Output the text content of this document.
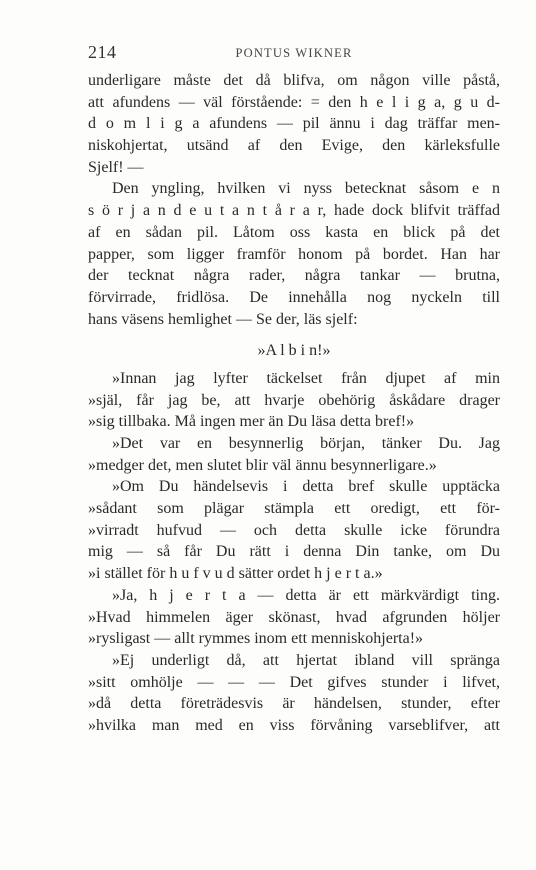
214	PONTUS WIKNER
underligare måste det då blifva, om någon ville påstå,
att afundens — väl förstående: = den h e l i g a, g u d-
d o m l i g a afundens — pil ännu i dag träffar men-
niskohjertat, utsänd af den Evige, den kärleksfulle
Sjelf! —
Den yngling, hvilken vi nyss betecknat såsom e n
s ö r j a n d e u t a n t å r a r, hade dock blifvit träffad
af en sådan pil. Låtom oss kasta en blick på det
papper, som ligger framför honom på bordet. Han har
der tecknat några rader, några tankar — brutna,
förvirrade, fridlösa. De innehålla nog nyckeln till
hans väsens hemlighet — Se der, läs sjelf:
»A l b i n!»
»Innan jag lyfter täckelset från djupet af min
»själ, får jag be, att hvarje obehörig åskådare drager
»sig tillbaka. Må ingen mer än Du läsa detta bref!»
»Det var en besynnerlig början, tänker Du. Jag
»medger det, men slutet blir väl ännu besynnerligare.»
»Om Du händelsevis i detta bref skulle upptäcka
»sådant som plägar stämpla ett oredigt, ett för-
»virradt hufvud — och detta skulle icke förundra
mig — så får Du rätt i denna Din tanke, om Du
»i stället för h u f v u d sätter ordet h j e r t a.»
»Ja, h j e r t a — detta är ett märkvärdigt ting.
»Hvad himmelen äger skönast, hvad afgrunden höljer
»rysligast — allt rymmes inom ett menniskohjerta!»
»Ej underligt då, att hjertat ibland vill spränga
»sitt omhölje — — — Det gifves stunder i lifvet,
»då detta företrädesvis är händelsen, stunder, efter
»hvilka man med en viss förvåning varseblifver, att
